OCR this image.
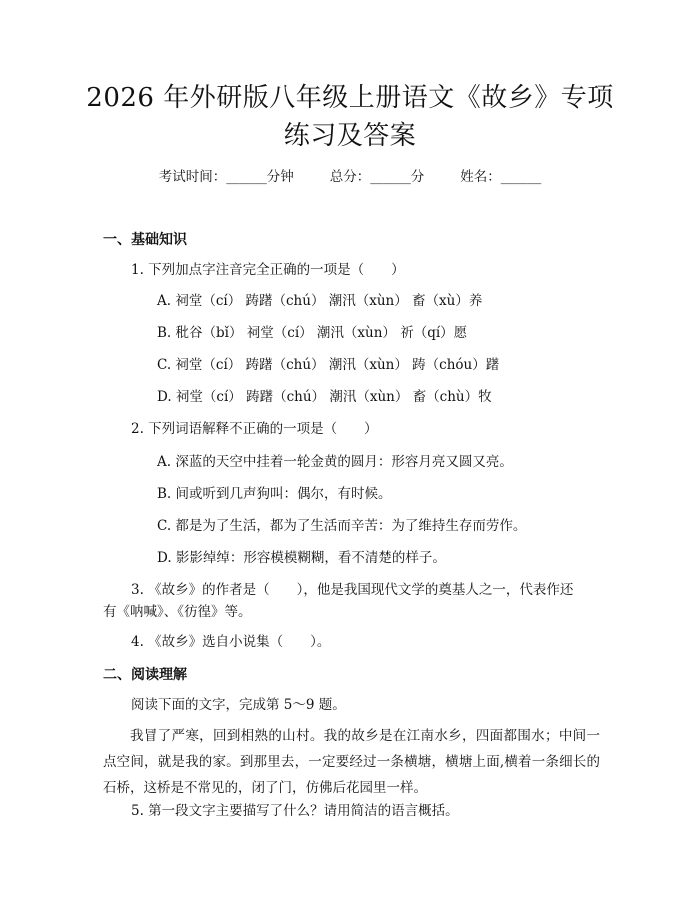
2026 年外研版八年级上册语文《故乡》专项
练习及答案
考试时间：______分钟	总分：______分	姓名：______
一、基础知识
1. 下列加点字注音完全正确的一项是（　　）
A. 祠堂（cí） 踌躇（chú） 潮汛（xùn） 畜（xù）养
B. 秕谷（bǐ） 祠堂（cí） 潮汛（xùn） 祈（qí）愿
C. 祠堂（cí） 踌躇（chú） 潮汛（xùn） 踌（chóu）躇
D. 祠堂（cí） 踌躇（chú） 潮汛（xùn） 畜（chù）牧
2. 下列词语解释不正确的一项是（　　）
A. 深蓝的天空中挂着一轮金黄的圆月：形容月亮又圆又亮。
B. 间或听到几声狗叫：偶尔，有时候。
C. 都是为了生活，都为了生活而辛苦：为了维持生存而劳作。
D. 影影绰绰：形容模模糊糊，看不清楚的样子。
3. 《故乡》的作者是（　　），他是我国现代文学的奠基人之一，代表作还
有《呐喊》、《彷徨》等。
4. 《故乡》选自小说集（　　）。
二、阅读理解
阅读下面的文字，完成第 5～9 题。
我冒了严寒，回到相熟的山村。我的故乡是在江南水乡，四面都围水；中间一点空间，就是我的家。到那里去，一定要经过一条横塘，横塘上面,横着一条细长的石桥，这桥是不常见的，闭了门，仿佛后花园里一样。
5. 第一段文字主要描写了什么？请用简洁的语言概括。
